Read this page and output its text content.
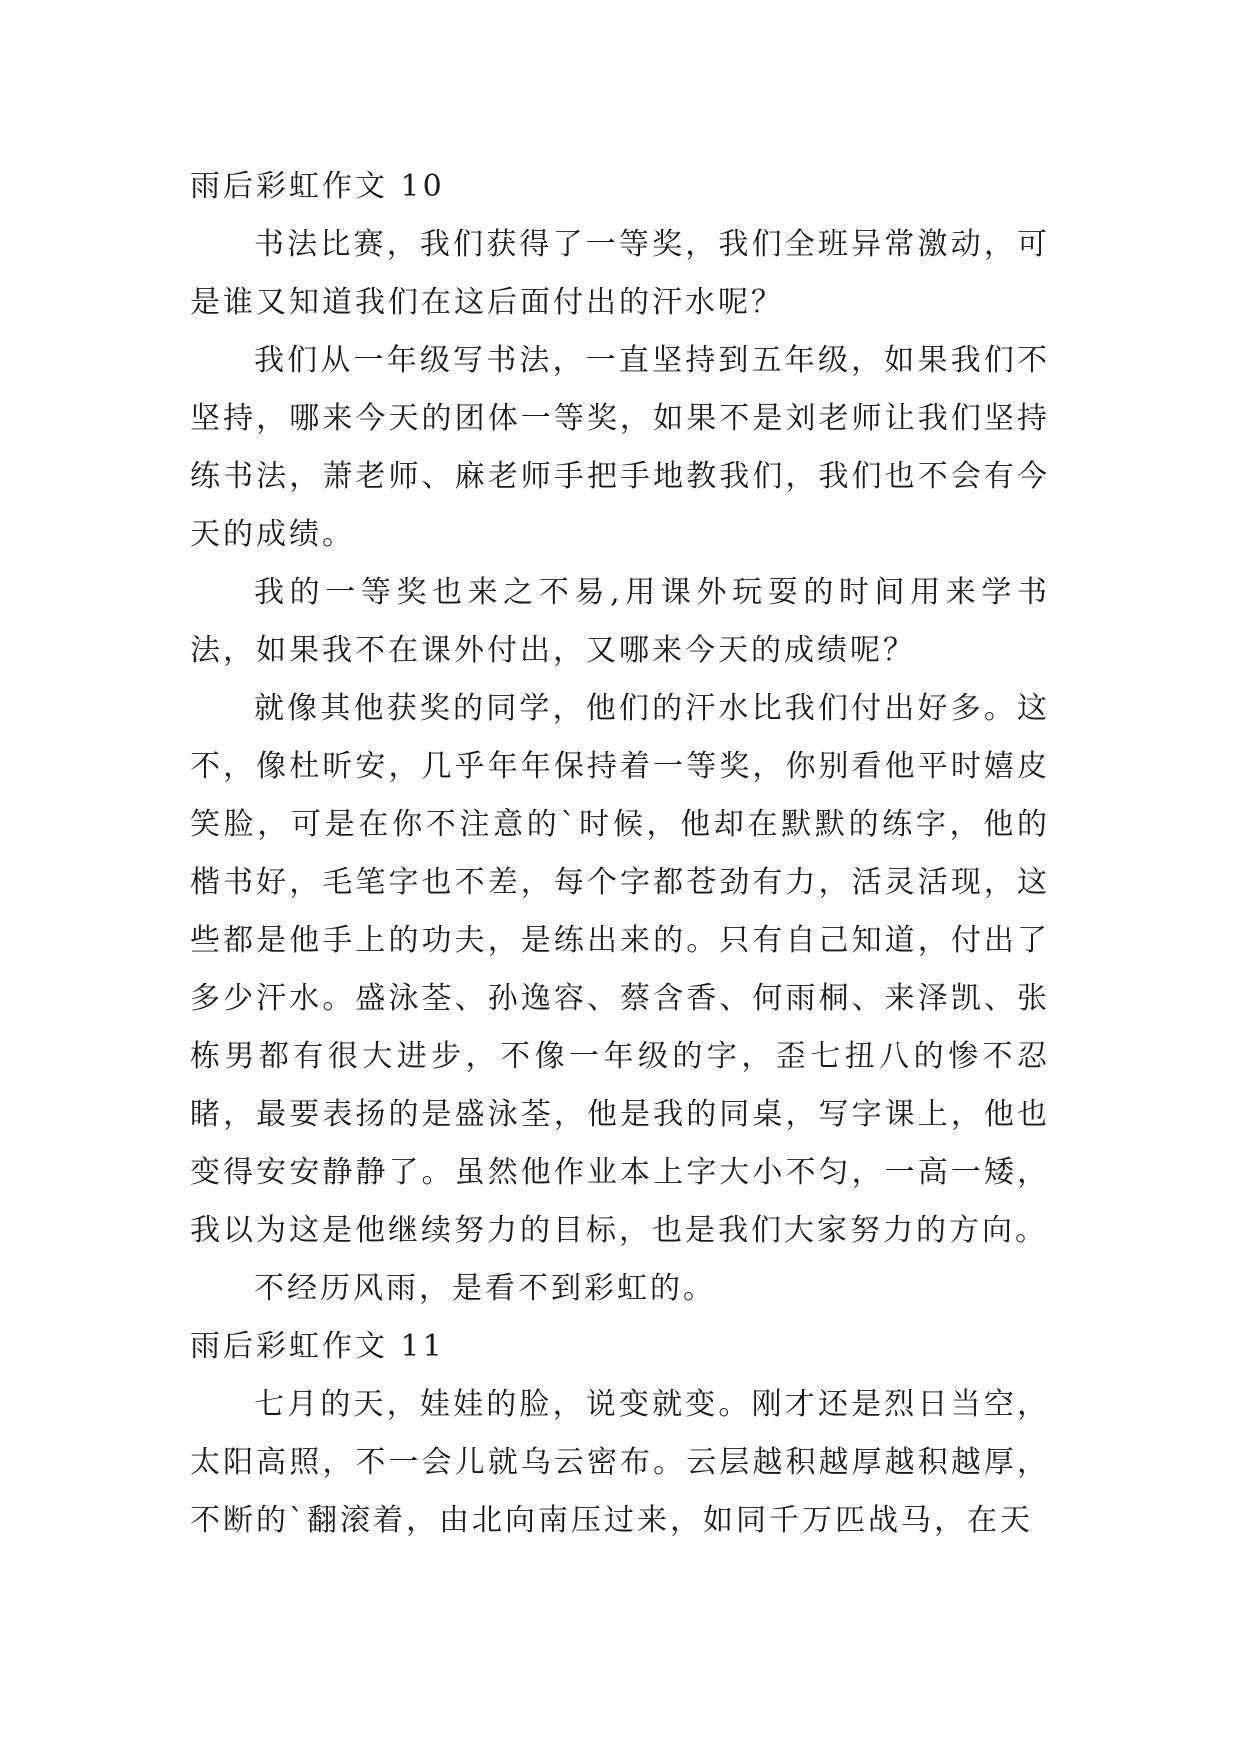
雨后彩虹作文 10

书法比赛，我们获得了一等奖，我们全班异常激动，可是谁又知道我们在这后面付出的汗水呢？

我们从一年级写书法，一直坚持到五年级，如果我们不坚持，哪来今天的团体一等奖，如果不是刘老师让我们坚持练书法，萧老师、麻老师手把手地教我们，我们也不会有今天的成绩。

我的一等奖也来之不易,用课外玩耍的时间用来学书法，如果我不在课外付出，又哪来今天的成绩呢？

就像其他获奖的同学，他们的汗水比我们付出好多。这不，像杜昕安，几乎年年保持着一等奖，你别看他平时嬉皮笑脸，可是在你不注意的`时候，他却在默默的练字，他的楷书好，毛笔字也不差，每个字都苍劲有力，活灵活现，这些都是他手上的功夫，是练出来的。只有自己知道，付出了多少汗水。盛泳荃、孙逸容、蔡含香、何雨桐、来泽凯、张栋男都有很大进步，不像一年级的字，歪七扭八的惨不忍睹，最要表扬的是盛泳荃，他是我的同桌，写字课上，他也变得安安静静了。虽然他作业本上字大小不匀，一高一矮，我以为这是他继续努力的目标，也是我们大家努力的方向。

不经历风雨，是看不到彩虹的。

雨后彩虹作文 11

七月的天，娃娃的脸，说变就变。刚才还是烈日当空，太阳高照，不一会儿就乌云密布。云层越积越厚越积越厚，不断的`翻滚着，由北向南压过来，如同千万匹战马，在天
